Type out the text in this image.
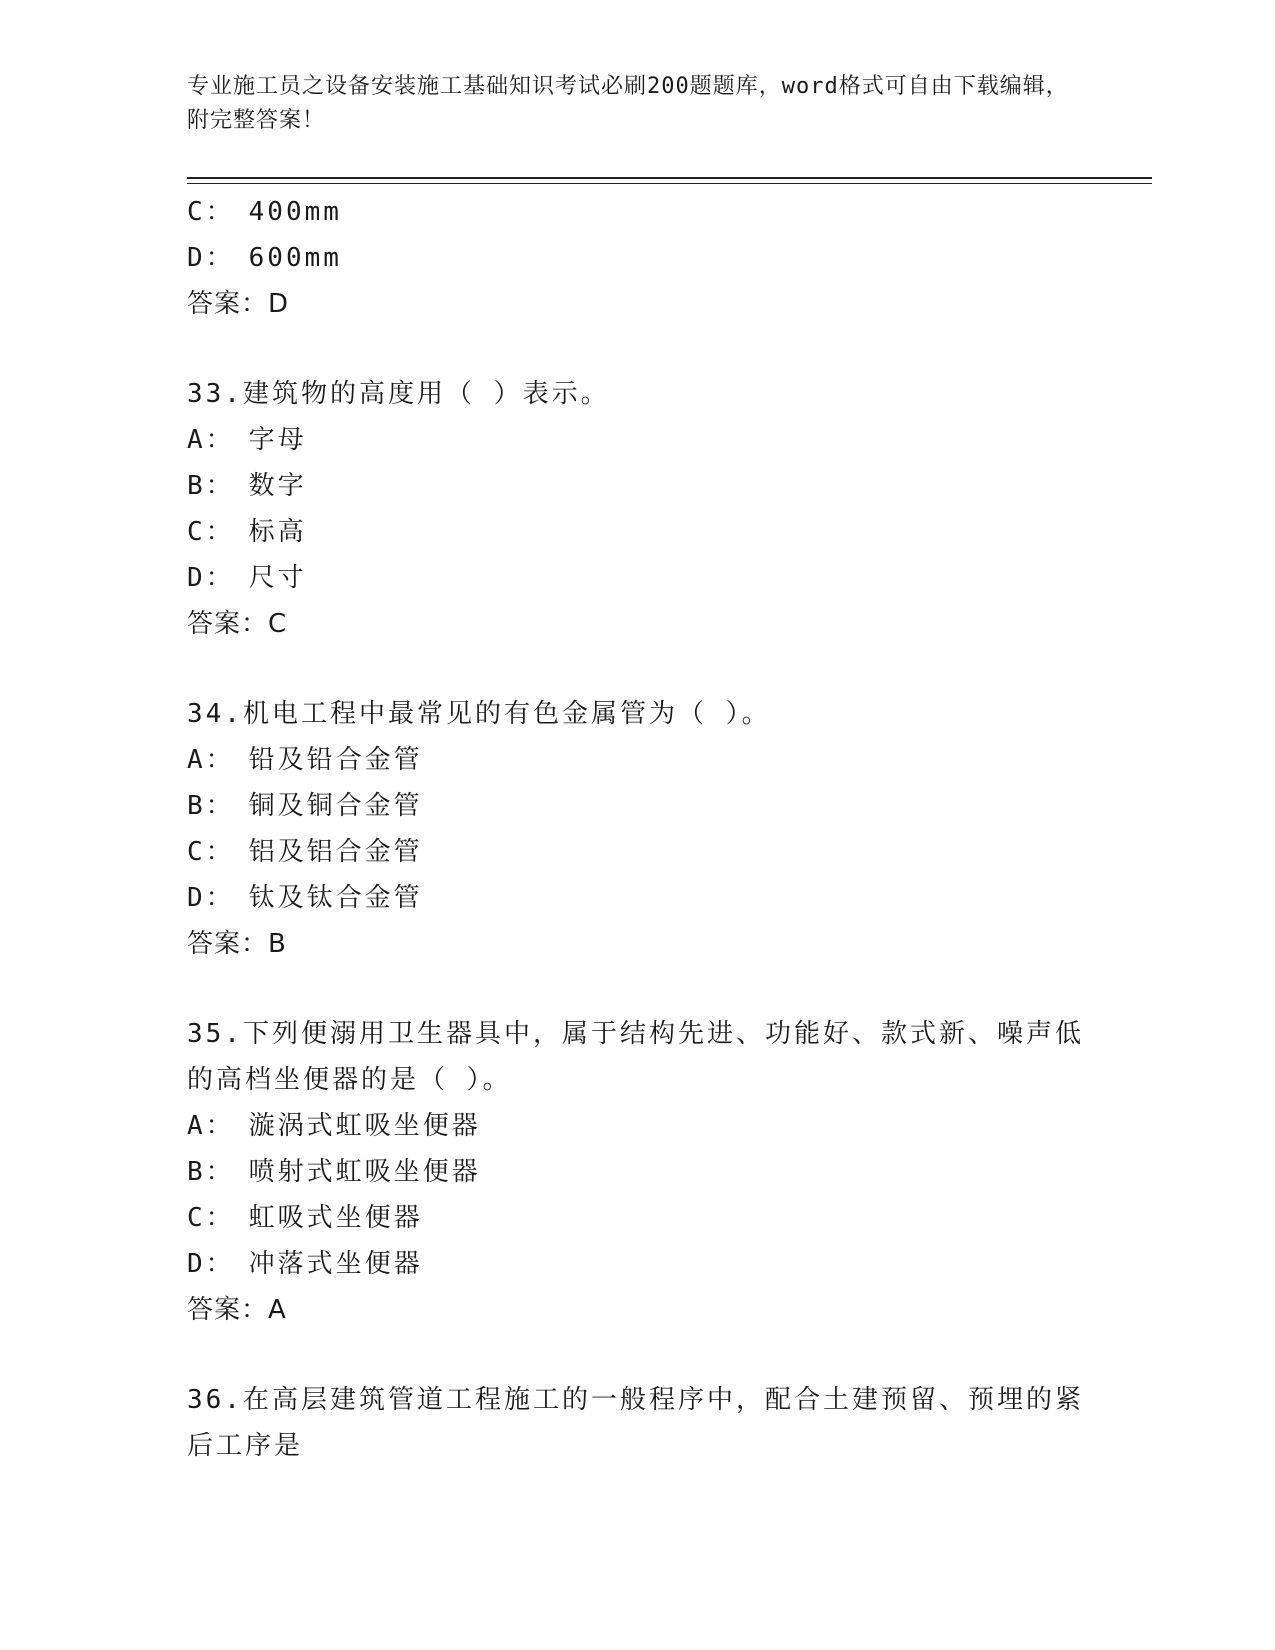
专业施工员之设备安装施工基础知识考试必刷200题题库，word格式可自由下载编辑，附完整答案！
C： 400mm
D： 600mm
答案：D
33.建筑物的高度用（ ）表示。
A： 字母
B： 数字
C： 标高
D： 尺寸
答案：C
34.机电工程中最常见的有色金属管为（ ）。
A： 铅及铅合金管
B： 铜及铜合金管
C： 铝及铝合金管
D： 钛及钛合金管
答案：B
35.下列便溺用卫生器具中，属于结构先进、功能好、款式新、噪声低的高档坐便器的是（ ）。
A： 漩涡式虹吸坐便器
B： 喷射式虹吸坐便器
C： 虹吸式坐便器
D： 冲落式坐便器
答案：A
36.在高层建筑管道工程施工的一般程序中，配合土建预留、预埋的紧后工序是
